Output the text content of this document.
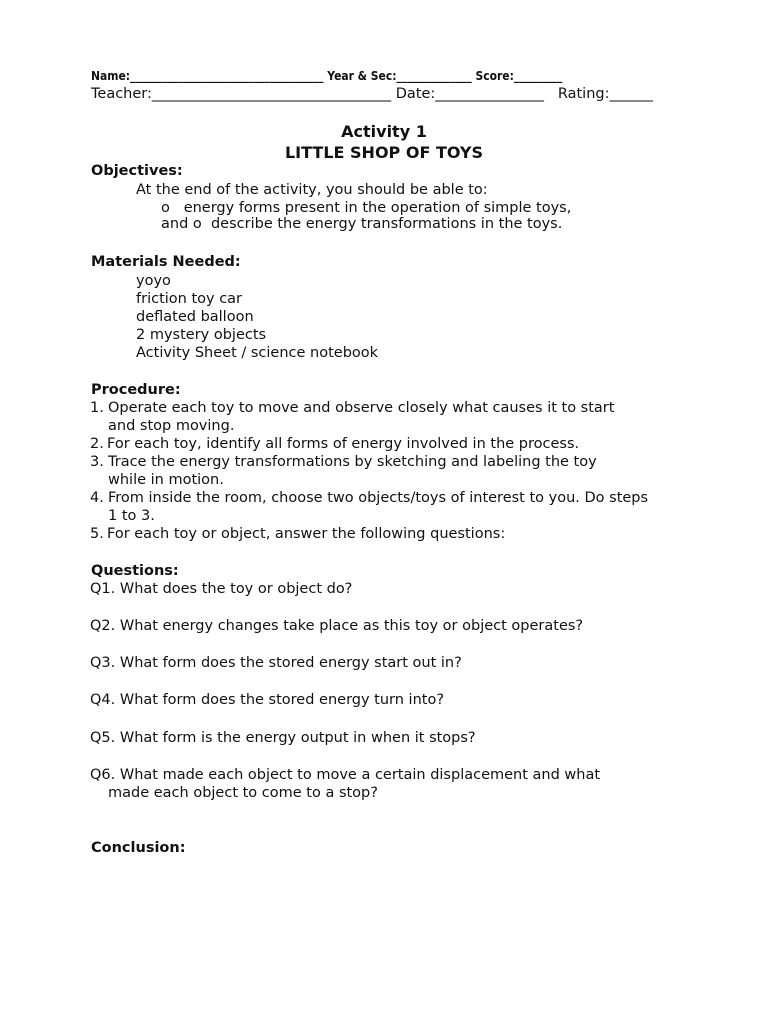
Name:____________________________________ Year & Sec:______________ Score:_________
Teacher:_________________________________ Date:_______________   Rating:______
Activity 1
LITTLE SHOP OF TOYS
Objectives:
At the end of the activity, you should be able to:
o   energy forms present in the operation of simple toys,
and o  describe the energy transformations in the toys.
Materials Needed:
yoyo
friction toy car
deflated balloon
2 mystery objects
Activity Sheet / science notebook
Procedure:
1. Operate each toy to move and observe closely what causes it to start
and stop moving.
2. For each toy, identify all forms of energy involved in the process.
3. Trace the energy transformations by sketching and labeling the toy
while in motion.
4. From inside the room, choose two objects/toys of interest to you. Do steps
1 to 3.
5. For each toy or object, answer the following questions:
Questions:
Q1. What does the toy or object do?
Q2. What energy changes take place as this toy or object operates?
Q3. What form does the stored energy start out in?
Q4. What form does the stored energy turn into?
Q5. What form is the energy output in when it stops?
Q6. What made each object to move a certain displacement and what
made each object to come to a stop?
Conclusion:
